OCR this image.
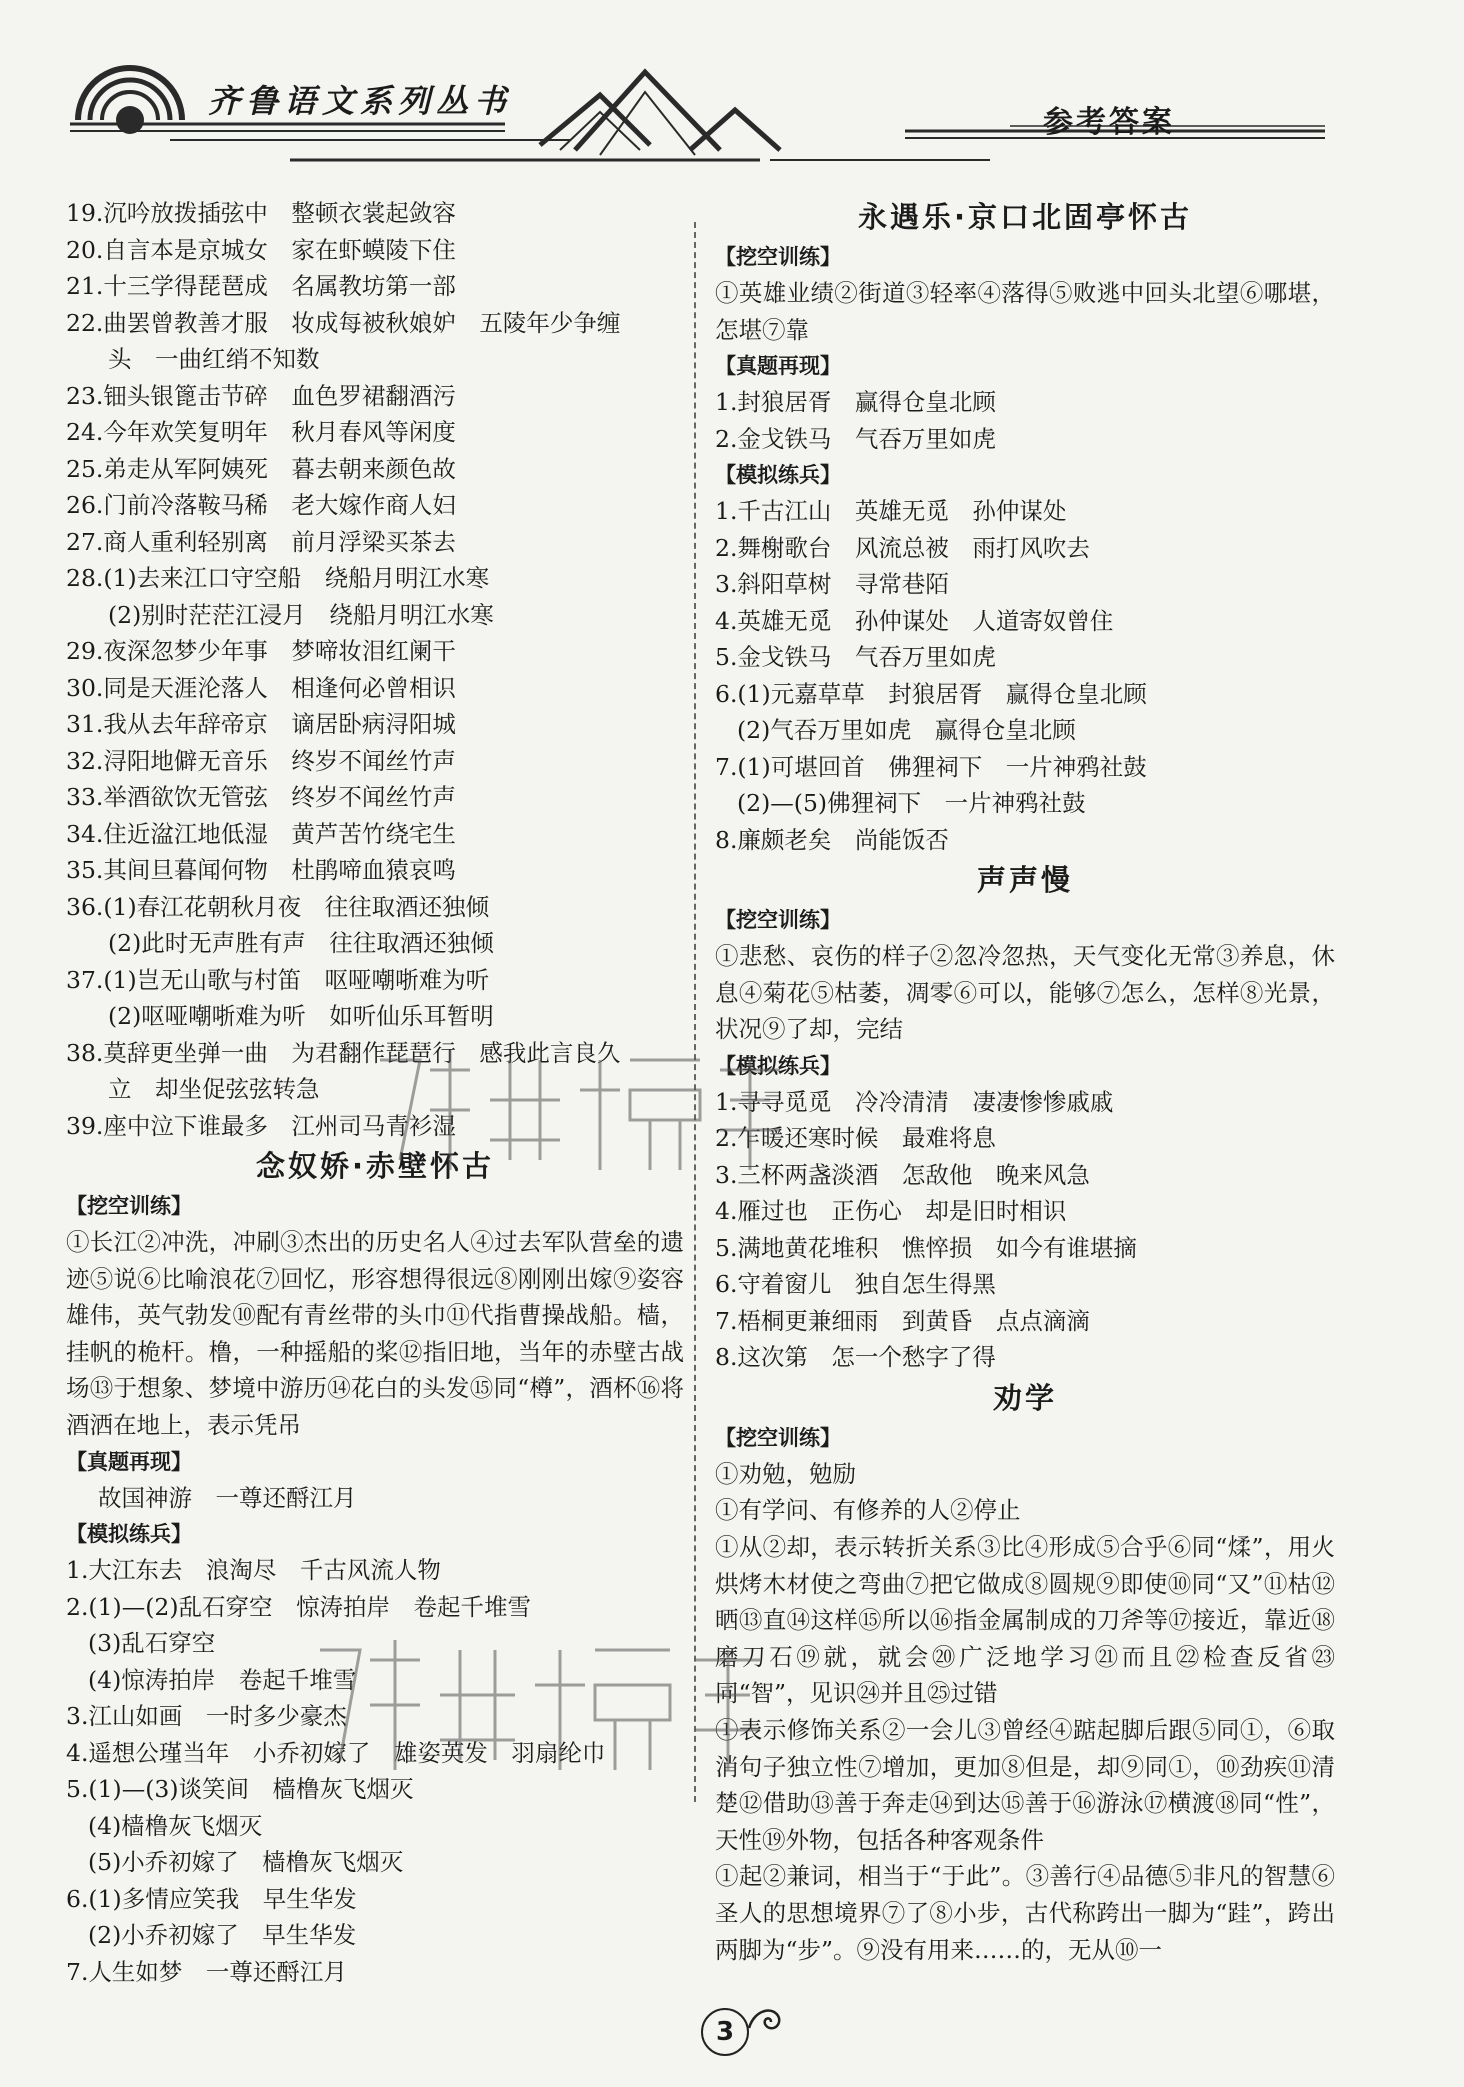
齐鲁语文系列丛书
参考答案
19.沉吟放拨插弦中　整顿衣裳起敛容
20.自言本是京城女　家在虾蟆陵下住
21.十三学得琵琶成　名属教坊第一部
22.曲罢曾教善才服　妆成每被秋娘妒　五陵年少争缠
头　一曲红绡不知数
23.钿头银篦击节碎　血色罗裙翻酒污
24.今年欢笑复明年　秋月春风等闲度
25.弟走从军阿姨死　暮去朝来颜色故
26.门前冷落鞍马稀　老大嫁作商人妇
27.商人重利轻别离　前月浮梁买茶去
28.(1)去来江口守空船　绕船月明江水寒
(2)别时茫茫江浸月　绕船月明江水寒
29.夜深忽梦少年事　梦啼妆泪红阑干
30.同是天涯沦落人　相逢何必曾相识
31.我从去年辞帝京　谪居卧病浔阳城
32.浔阳地僻无音乐　终岁不闻丝竹声
33.举酒欲饮无管弦　终岁不闻丝竹声
34.住近湓江地低湿　黄芦苦竹绕宅生
35.其间旦暮闻何物　杜鹃啼血猿哀鸣
36.(1)春江花朝秋月夜　往往取酒还独倾
(2)此时无声胜有声　往往取酒还独倾
37.(1)岂无山歌与村笛　呕哑嘲哳难为听
(2)呕哑嘲哳难为听　如听仙乐耳暂明
38.莫辞更坐弹一曲　为君翻作琵琶行　感我此言良久
立　却坐促弦弦转急
39.座中泣下谁最多　江州司马青衫湿
念奴娇·赤壁怀古
【挖空训练】
①长江②冲洗，冲刷③杰出的历史名人④过去军队营垒的遗迹⑤说⑥比喻浪花⑦回忆，形容想得很远⑧刚刚出嫁⑨姿容雄伟，英气勃发⑩配有青丝带的头巾⑪代指曹操战船。樯，挂帆的桅杆。橹，一种摇船的桨⑫指旧地，当年的赤壁古战场⑬于想象、梦境中游历⑭花白的头发⑮同“樽”，酒杯⑯将酒洒在地上，表示凭吊
【真题再现】
故国神游　一尊还酹江月
【模拟练兵】
1.大江东去　浪淘尽　千古风流人物
2.(1)—(2)乱石穿空　惊涛拍岸　卷起千堆雪
(3)乱石穿空
(4)惊涛拍岸　卷起千堆雪
3.江山如画　一时多少豪杰
4.遥想公瑾当年　小乔初嫁了　雄姿英发　羽扇纶巾
5.(1)—(3)谈笑间　樯橹灰飞烟灭
(4)樯橹灰飞烟灭
(5)小乔初嫁了　樯橹灰飞烟灭
6.(1)多情应笑我　早生华发
(2)小乔初嫁了　早生华发
7.人生如梦　一尊还酹江月
永遇乐·京口北固亭怀古
【挖空训练】
①英雄业绩②街道③轻率④落得⑤败逃中回头北望⑥哪堪，怎堪⑦靠
【真题再现】
1.封狼居胥　赢得仓皇北顾
2.金戈铁马　气吞万里如虎
【模拟练兵】
1.千古江山　英雄无觅　孙仲谋处
2.舞榭歌台　风流总被　雨打风吹去
3.斜阳草树　寻常巷陌
4.英雄无觅　孙仲谋处　人道寄奴曾住
5.金戈铁马　气吞万里如虎
6.(1)元嘉草草　封狼居胥　赢得仓皇北顾
(2)气吞万里如虎　赢得仓皇北顾
7.(1)可堪回首　佛狸祠下　一片神鸦社鼓
(2)—(5)佛狸祠下　一片神鸦社鼓
8.廉颇老矣　尚能饭否
声声慢
【挖空训练】
①悲愁、哀伤的样子②忽冷忽热，天气变化无常③养息，休息④菊花⑤枯萎，凋零⑥可以，能够⑦怎么，怎样⑧光景，状况⑨了却，完结
【模拟练兵】
1.寻寻觅觅　冷冷清清　凄凄惨惨戚戚
2.乍暖还寒时候　最难将息
3.三杯两盏淡酒　怎敌他　晚来风急
4.雁过也　正伤心　却是旧时相识
5.满地黄花堆积　憔悴损　如今有谁堪摘
6.守着窗儿　独自怎生得黑
7.梧桐更兼细雨　到黄昏　点点滴滴
8.这次第　怎一个愁字了得
劝学
【挖空训练】
①劝勉，勉励
①有学问、有修养的人②停止
①从②却，表示转折关系③比④形成⑤合乎⑥同“煣”，用火烘烤木材使之弯曲⑦把它做成⑧圆规⑨即使⑩同“又”⑪枯⑫晒⑬直⑭这样⑮所以⑯指金属制成的刀斧等⑰接近，靠近⑱磨刀石⑲就，就会⑳广泛地学习㉑而且㉒检查反省㉓同“智”，见识㉔并且㉕过错
①表示修饰关系②一会儿③曾经④踮起脚后跟⑤同①，⑥取消句子独立性⑦增加，更加⑧但是，却⑨同①，⑩劲疾⑪清楚⑫借助⑬善于奔走⑭到达⑮善于⑯游泳⑰横渡⑱同“性”，天性⑲外物，包括各种客观条件
①起②兼词，相当于“于此”。③善行④品德⑤非凡的智慧⑥圣人的思想境界⑦了⑧小步，古代称跨出一脚为“跬”，跨出两脚为“步”。⑨没有用来……的，无从⑩一
3
